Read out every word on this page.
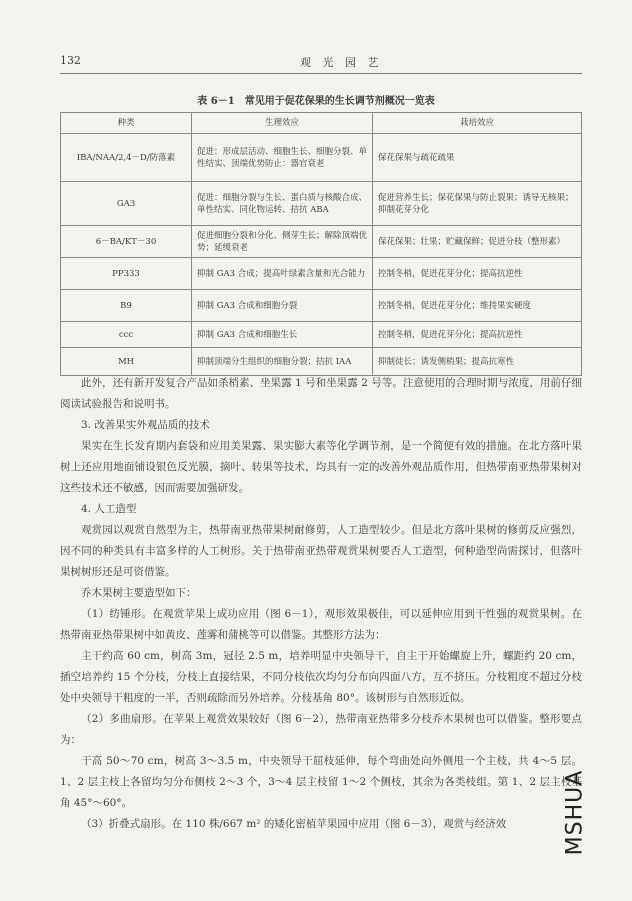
132	观 光 园 艺
表 6－1　常见用于促花保果的生长调节剂概况一览表
种类	生理效应	栽培效应
IBA/NAA/2,4－D/防落素	促进：形成层活动、细胞生长、细胞分裂、单性结实、顶端优势防止：器官衰老	保花保果与疏花疏果
GA3	促进：细胞分裂与生长、蛋白质与核酸合成、单性结实、同化物运转、拮抗 ABA	促进营养生长；保花保果与防止裂果；诱导无核果；抑制花芽分化
6－BA/KT－30	促进细胞分裂和分化、侧芽生长；解除顶端优势；延缓衰老	保花保果；壮果；贮藏保鲜；促进分枝（整形素）
PP333	抑制 GA3 合成；提高叶绿素含量和光合能力	控制冬梢，促进花芽分化；提高抗逆性
B9	抑制 GA3 合成和细胞分裂	控制冬梢，促进花芽分化；维持果实硬度
ccc	抑制 GA3 合成和细胞生长	控制冬梢，促进花芽分化；提高抗逆性
MH	抑制顶端分生组织的细胞分裂；拮抗 IAA	抑制徒长；诱发侧梢果；提高抗寒性

此外，还有新开发复合产品如杀梢素、坐果露 1 号和坐果露 2 号等。注意使用的合理时期与浓度，用前仔细阅读试验报告和说明书。

3. 改善果实外观品质的技术

果实在生长发育期内套袋和应用美果露、果实膨大素等化学调节剂，是一个简便有效的措施。在北方落叶果树上还应用地面铺设银色反光膜，摘叶、转果等技术，均具有一定的改善外观品质作用，但热带南亚热带果树对这些技术还不敏感，因而需要加强研发。

4. 人工造型

观赏园以观赏自然型为主，热带南亚热带果树耐修剪，人工造型较少。但是北方落叶果树的修剪反应强烈，因不同的种类具有丰富多样的人工树形。关于热带南亚热带观赏果树要否人工造型，何种造型尚需探讨，但落叶果树树形还是可资借鉴。

乔木果树主要造型如下：

（1）纺锤形。在观赏苹果上成功应用（图 6－1），观形效果极佳，可以延伸应用到干性强的观赏果树。在热带南亚热带果树中如黄皮、莲雾和蒲桃等可以借鉴。其整形方法为：

主干约高 60 cm，树高 3m，冠径 2.5 m，培养明显中央领导干，自主干开始螺旋上升，螺距约 20 cm，插空培养约 15 个分枝，分枝上直接结果，不同分枝依次均匀分布向四面八方，互不挤压。分枝粗度不超过分枝处中央领导干粗度的一半，否则疏除而另外培养。分枝基角 80°。该树形与自然形近似。

（2）多曲扇形。在苹果上观赏效果较好（图 6－2），热带南亚热带多分枝乔木果树也可以借鉴。整形要点为：

干高 50～70 cm，树高 3～3.5 m，中央领导干屈枝延伸，每个弯曲处向外侧甩一个主枝，共 4～5 层。1、2 层主枝上各留均匀分布侧枝 2～3 个，3～4 层主枝留 1～2 个侧枝，其余为各类枝组。第 1、2 层主枝基角 45°～60°。

（3）折叠式扇形。在 110 株/667 m² 的矮化密植苹果园中应用（图 6－3），观赏与经济效	MSHUA
